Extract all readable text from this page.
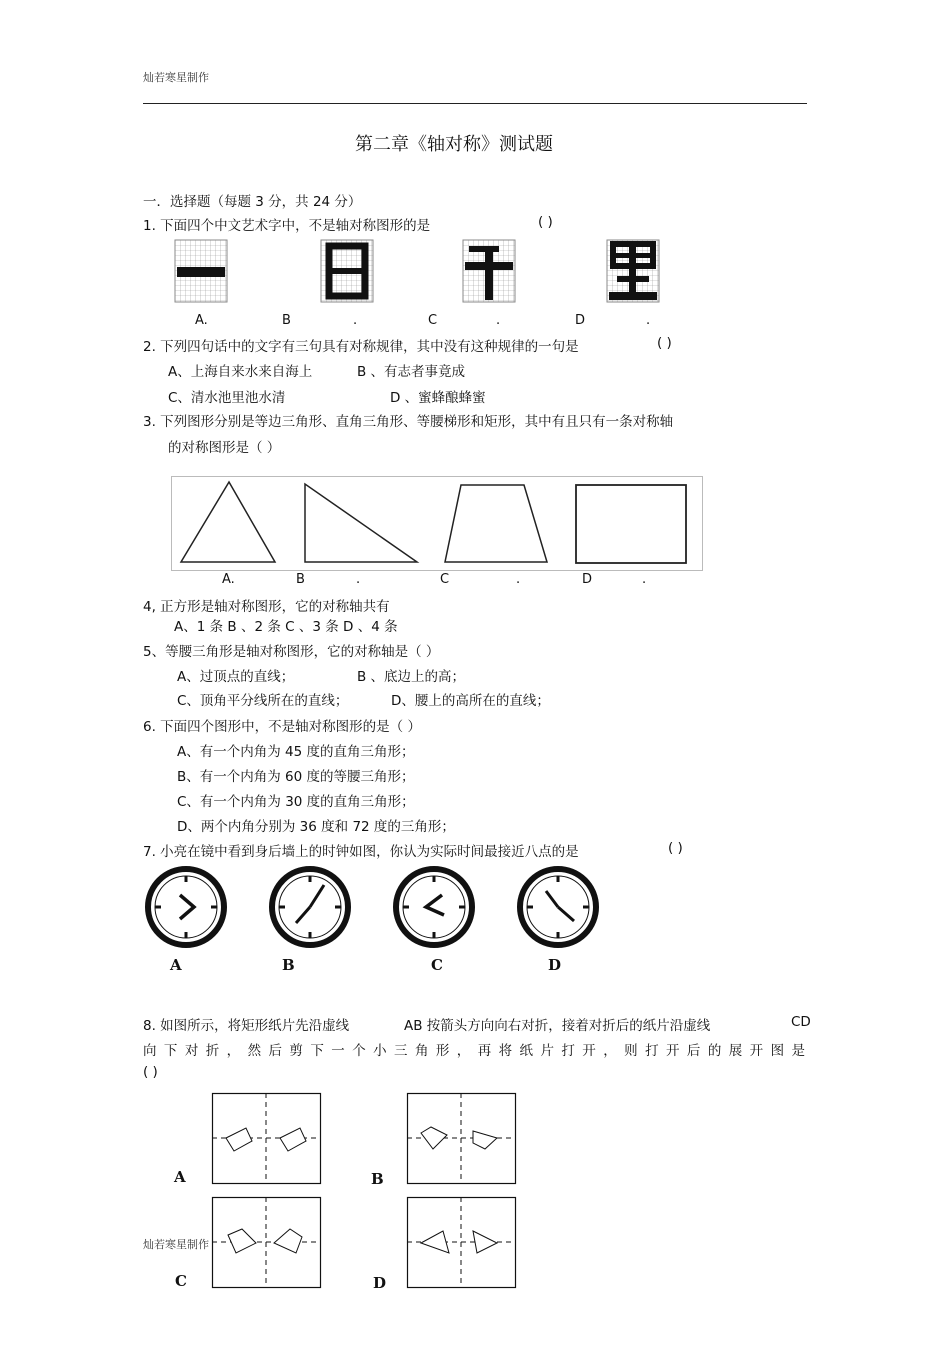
灿若寒星制作
第二章《轴对称》测试题
一．选择题（每题 3 分，共 24 分）
1. 下面四个中文艺术字中，不是轴对称图形的是	( )
A.	B	.	C	.	D	.
2. 下列四句话中的文字有三句具有对称规律，其中没有这种规律的一句是	( )
A、上海自来水来自海上	B 、有志者事竟成
C、清水池里池水清	D 、蜜蜂酿蜂蜜
3. 下列图形分别是等边三角形、直角三角形、等腰梯形和矩形，其中有且只有一条对称轴
的对称图形是（ ）
A.	B	.	C	.	D	.
4, 正方形是轴对称图形，它的对称轴共有
A、1 条 B 、2 条 C 、3 条 D 、4 条
5、等腰三角形是轴对称图形，它的对称轴是（ ）
A、过顶点的直线；	B 、底边上的高；
C、顶角平分线所在的直线；	D、腰上的高所在的直线；
6. 下面四个图形中，不是轴对称图形的是（ ）
A、有一个内角为 45 度的直角三角形；
B、有一个内角为 60 度的等腰三角形；
C、有一个内角为 30 度的直角三角形；
D、两个内角分别为 36 度和 72 度的三角形；
7. 小亮在镜中看到身后墙上的时钟如图，你认为实际时间最接近八点的是	( )
A	B	C	D
8. 如图所示，将矩形纸片先沿虚线	AB 按箭头方向向右对折，接着对折后的纸片沿虚线	CD
向下对折，然后剪下一个小三角形，再将纸片打开，则打开后的展开图是
( )
A	B
C	D
灿若寒星制作
